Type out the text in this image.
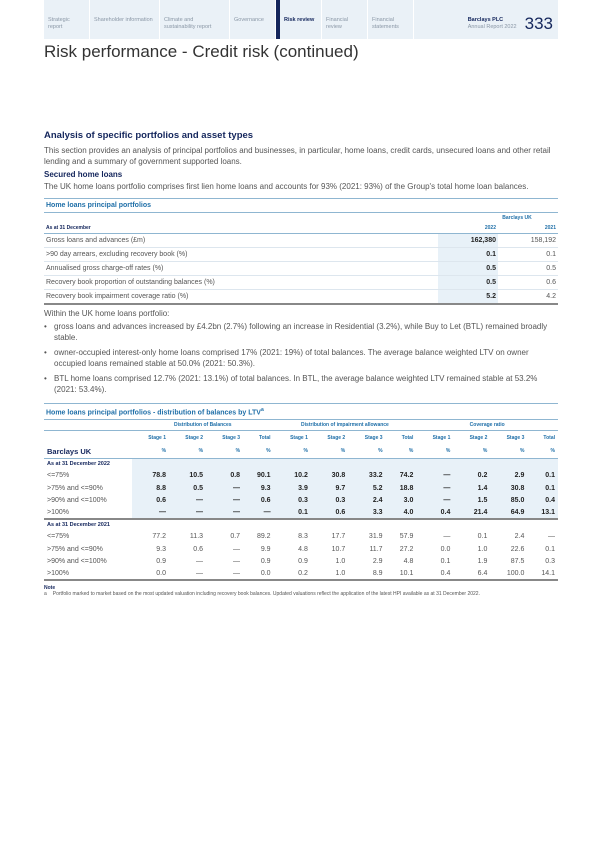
Strategic report
Shareholder information	Climate and sustainability report
Governance	Risk review	Financial review
Financial statements
Barclays PLC
Annual Report 2022 333
Risk performance - Credit risk (continued)
Analysis of specific portfolios and asset types

This section provides an analysis of principal portfolios and businesses, in particular, home loans, credit cards, unsecured loans and other retail lending and a summary of government supported loans.

Secured home loans

The UK home loans portfolio comprises first lien home loans and accounts for 93% (2021: 93%) of the Group's total home loan balances.

Home loans principal portfolios
	Barclays UK	
As at 31 December	2022	2021
Gross loans and advances (£m)	162,380	158,192
>90 day arrears, excluding recovery book (%)	0.1	0.1
Annualised gross charge-off rates (%)	0.5	0.5
Recovery book proportion of outstanding balances (%)	0.5	0.6
Recovery book impairment coverage ratio (%)	5.2	4.2

Within the UK home loans portfolio:

• gross loans and advances increased by £4.2bn (2.7%) following an increase in Residential (3.2%), while Buy to Let (BTL) remained broadly stable.
• owner-occupied interest-only home loans comprised 17% (2021: 19%) of total balances. The average balance weighted LTV on owner occupied loans remained stable at 50.0% (2021: 50.3%).
• BTL home loans comprised 12.7% (2021: 13.1%) of total balances. In BTL, the average balance weighted LTV remained stable at 53.2% (2021: 53.4%).
Home loans principal portfolios - distribution of balances by LTV$^a$
	Distribution of Balances				Distribution of impairment allowance				Coverage ratio			
	Stage 1	Stage 2	Stage 3	Total	Stage 1	Stage 2	Stage 3	Total	Stage 1	Stage 2	Stage 3	Total
Barclays UK	%	%	%	%	%	%	%	%	%	%	%	%
As at 31 December 2022												
<=75%	78.8	10.5	0.8	90.1	10.2	30.8	33.2	74.2	—	0.2	2.9	0.1
>75% and <=90%	8.8	0.5	—	9.3	3.9	9.7	5.2	18.8	—	1.4	30.8	0.1
>90% and <=100%	0.6	—	—	0.6	0.3	0.3	2.4	3.0	—	1.5	85.0	0.4
>100%	—	—	—	—	0.1	0.6	3.3	4.0	0.4	21.4	64.9	13.1
As at 31 December 2021												
<=75%	77.2	11.3	0.7	89.2	8.3	17.7	31.9	57.9	—	0.1	2.4	—
>75% and <=90%	9.3	0.6	—	9.9	4.8	10.7	11.7	27.2	0.0	1.0	22.6	0.1
>90% and <=100%	0.9	—	—	0.9	0.9	1.0	2.9	4.8	0.1	1.9	87.5	0.3
>100%	0.0	—	—	0.0	0.2	1.0	8.9	10.1	0.4	6.4	100.0	14.1
Note
a Portfolio marked to market based on the most updated valuation including recovery book balances. Updated valuations reflect the application of the latest HPI available as at 31 December 2022.
